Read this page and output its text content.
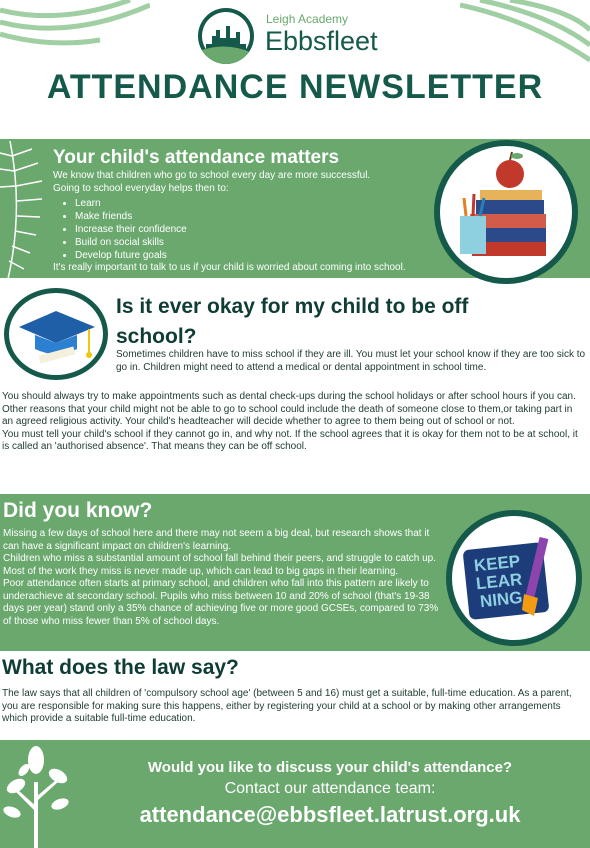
Leigh Academy
Ebbsfleet
ATTENDANCE NEWSLETTER
Your child's attendance matters
We know that children who go to school every day are more successful.
Going to school everyday helps then to:
• Learn
• Make friends
• Increase their confidence
• Build on social skills
• Develop future goals
It's really important to talk to us if your child is worried about coming into school.
Is it ever okay for my child to be off school?
Sometimes children have to miss school if they are ill. You must let your school know if they are too sick to go in. Children might need to attend a medical or dental appointment in school time.
You should always try to make appointments such as dental check-ups during the school holidays or after school hours if you can.
Other reasons that your child might not be able to go to school could include the death of someone close to them,or taking part in an agreed religious activity. Your child's headteacher will decide whether to agree to them being out of school or not.
You must tell your child's school if they cannot go in, and why not. If the school agrees that it is okay for them not to be at school, it is called an 'authorised absence'. That means they can be off school.
Did you know?
Missing a few days of school here and there may not seem a big deal, but research shows that it can have a significant impact on children's learning.
Children who miss a substantial amount of school fall behind their peers, and struggle to catch up.
Most of the work they miss is never made up, which can lead to big gaps in their learning.
Poor attendance often starts at primary school, and children who fall into this pattern are likely to underachieve at secondary school. Pupils who miss between 10 and 20% of school (that's 19-38 days per year) stand only a 35% chance of achieving five or more good GCSEs, compared to 73% of those who miss fewer than 5% of school days.
KEEP
LEAR
NING
What does the law say?
The law says that all children of 'compulsory school age' (between 5 and 16) must get a suitable, full-time education. As a parent, you are responsible for making sure this happens, either by registering your child at a school or by making other arrangements which provide a suitable full-time education.
Would you like to discuss your child's attendance?
Contact our attendance team:
attendance@ebbsfleet.latrust.org.uk
